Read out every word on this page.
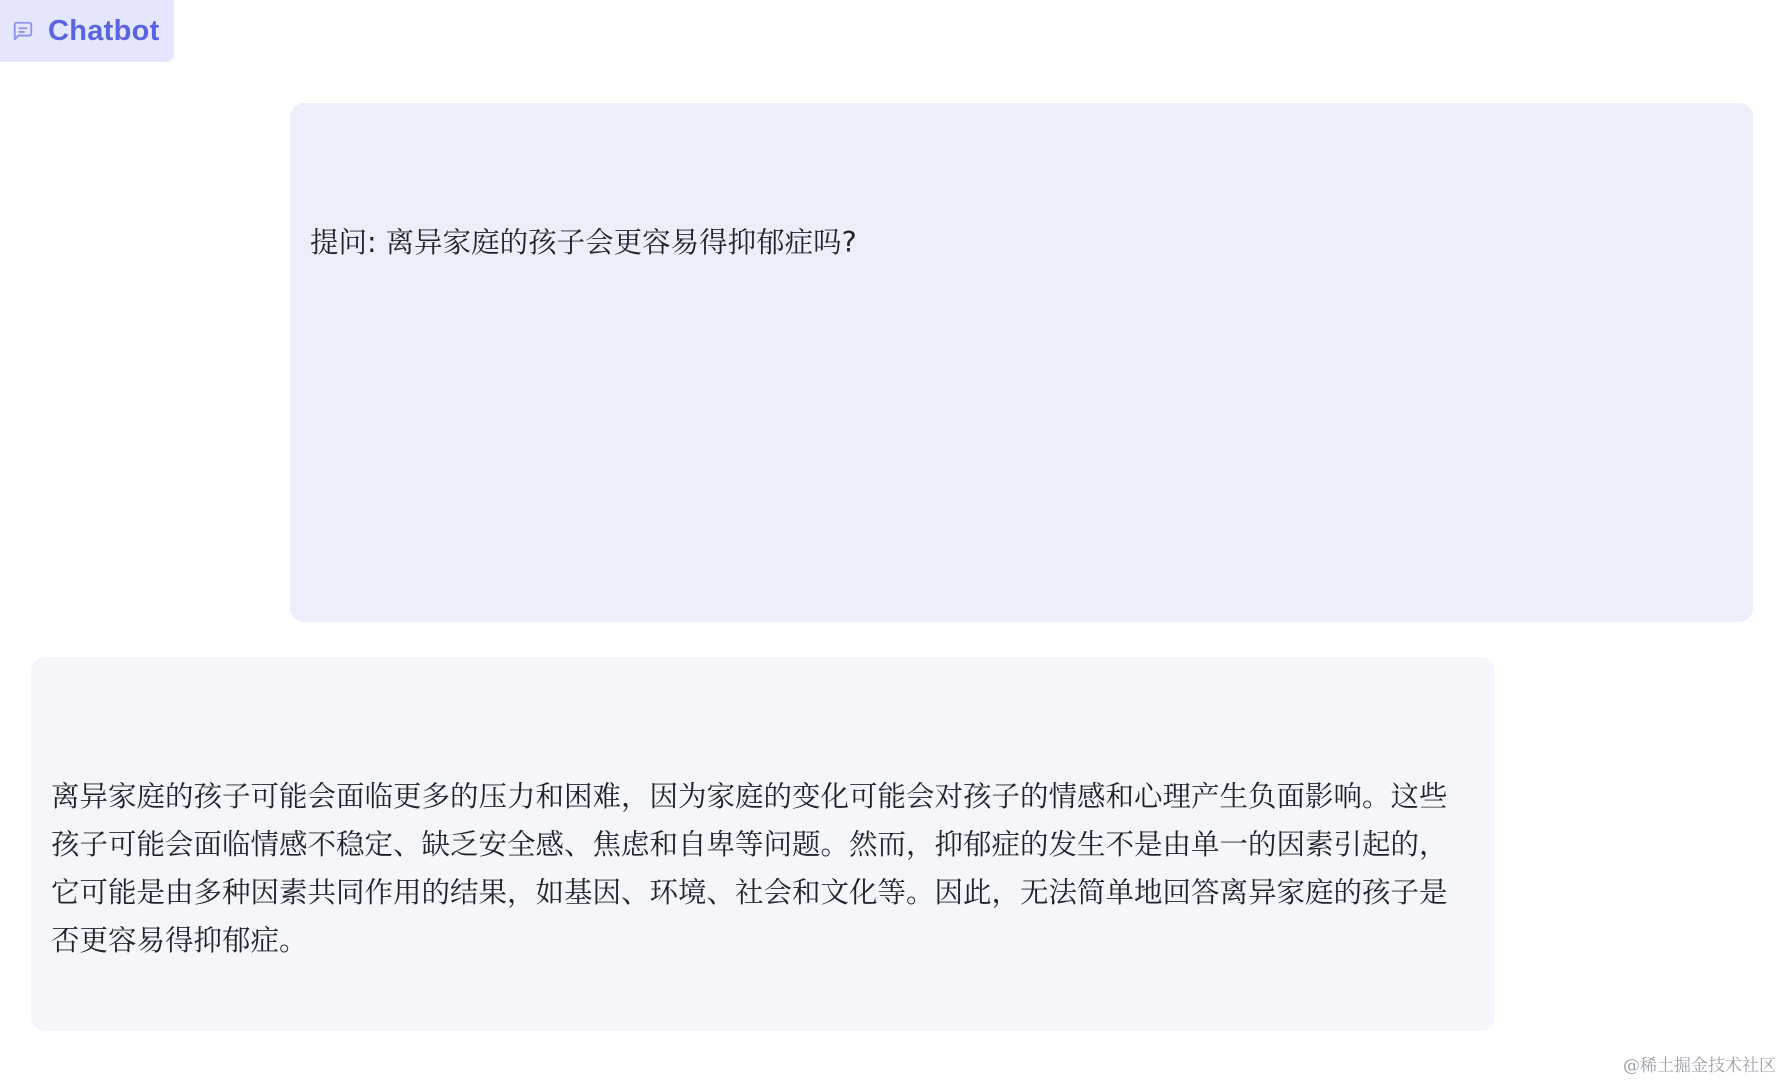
Chatbot

提问: 离异家庭的孩子会更容易得抑郁症吗?

离异家庭的孩子可能会面临更多的压力和困难，因为家庭的变化可能会对孩子的情感和心理产生负面影响。这些孩子可能会面临情感不稳定、缺乏安全感、焦虑和自卑等问题。然而，抑郁症的发生不是由单一的因素引起的，它可能是由多种因素共同作用的结果，如基因、环境、社会和文化等。因此，无法简单地回答离异家庭的孩子是否更容易得抑郁症。

@稀土掘金技术社区
